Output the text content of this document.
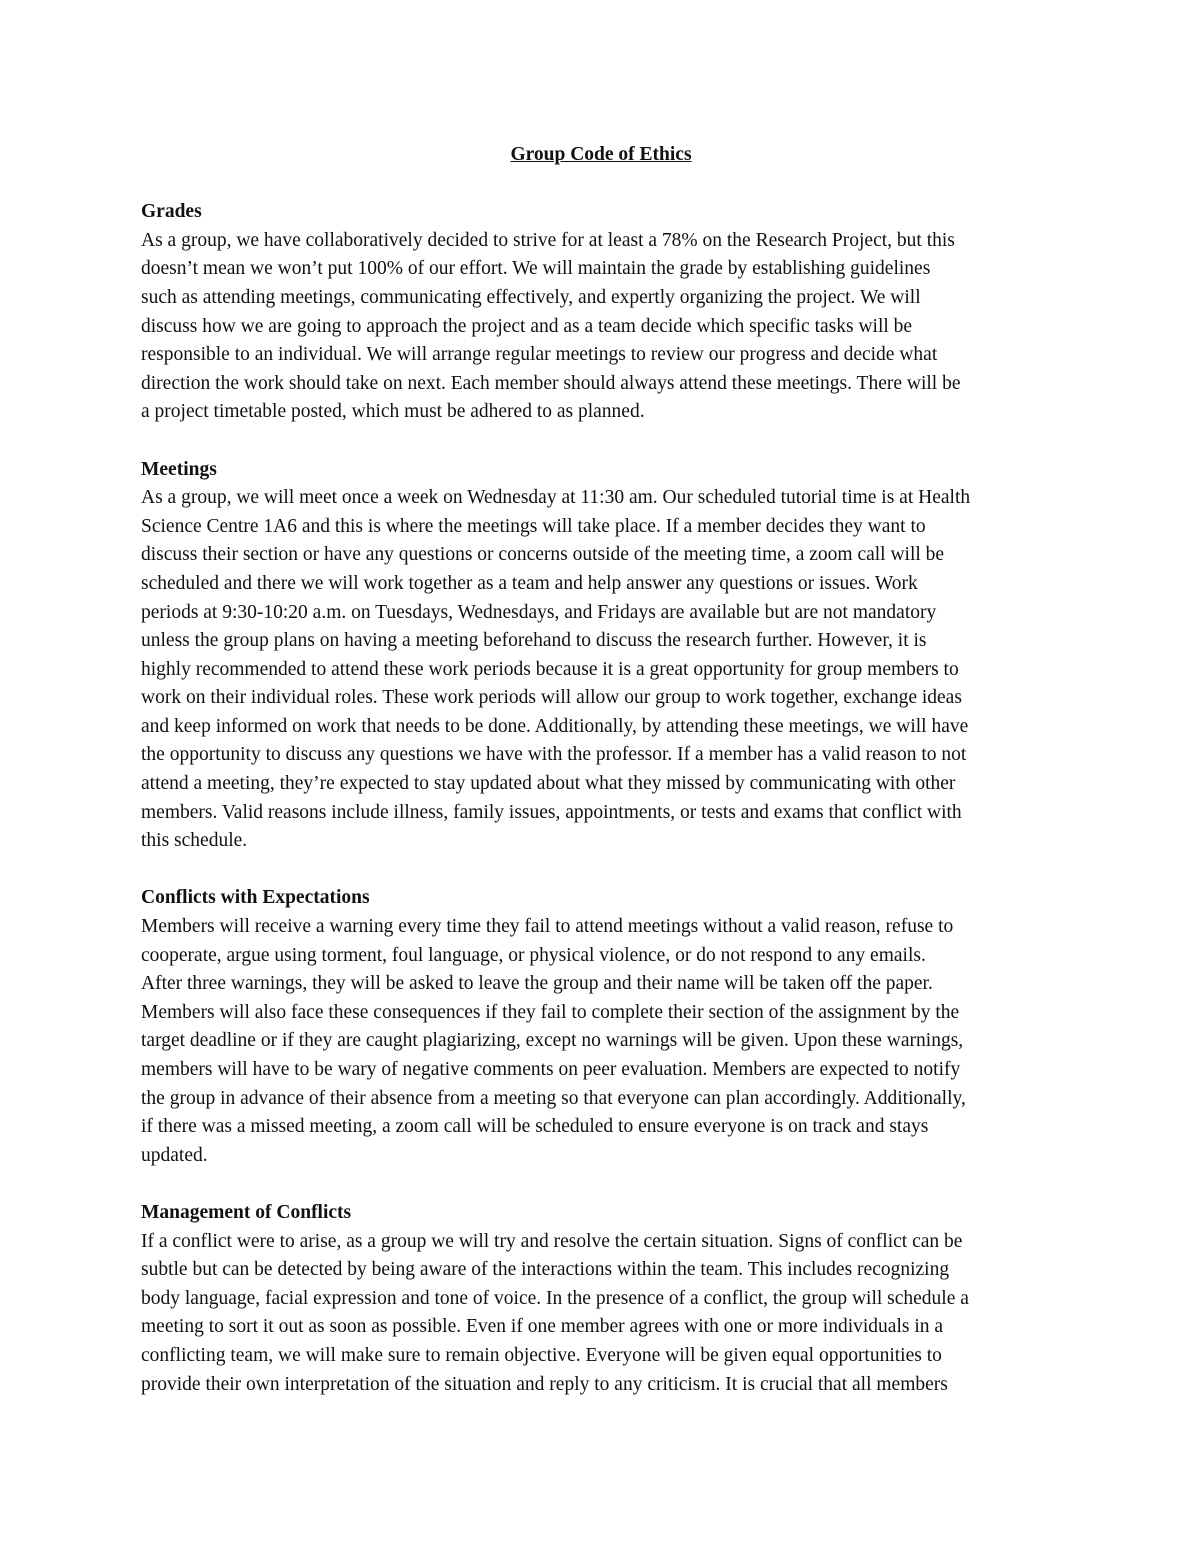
Group Code of Ethics
Grades
As a group, we have collaboratively decided to strive for at least a 78% on the Research Project, but this
doesn’t mean we won’t put 100% of our effort. We will maintain the grade by establishing guidelines
such as attending meetings, communicating effectively, and expertly organizing the project. We will
discuss how we are going to approach the project and as a team decide which specific tasks will be
responsible to an individual. We will arrange regular meetings to review our progress and decide what
direction the work should take on next. Each member should always attend these meetings. There will be
a project timetable posted, which must be adhered to as planned.
Meetings
As a group, we will meet once a week on Wednesday at 11:30 am. Our scheduled tutorial time is at Health
Science Centre 1A6 and this is where the meetings will take place. If a member decides they want to
discuss their section or have any questions or concerns outside of the meeting time, a zoom call will be
scheduled and there we will work together as a team and help answer any questions or issues. Work
periods at 9:30-10:20 a.m. on Tuesdays, Wednesdays, and Fridays are available but are not mandatory
unless the group plans on having a meeting beforehand to discuss the research further. However, it is
highly recommended to attend these work periods because it is a great opportunity for group members to
work on their individual roles. These work periods will allow our group to work together, exchange ideas
and keep informed on work that needs to be done. Additionally, by attending these meetings, we will have
the opportunity to discuss any questions we have with the professor. If a member has a valid reason to not
attend a meeting, they’re expected to stay updated about what they missed by communicating with other
members. Valid reasons include illness, family issues, appointments, or tests and exams that conflict with
this schedule.
Conflicts with Expectations
Members will receive a warning every time they fail to attend meetings without a valid reason, refuse to
cooperate, argue using torment, foul language, or physical violence, or do not respond to any emails.
After three warnings, they will be asked to leave the group and their name will be taken off the paper.
Members will also face these consequences if they fail to complete their section of the assignment by the
target deadline or if they are caught plagiarizing, except no warnings will be given. Upon these warnings,
members will have to be wary of negative comments on peer evaluation. Members are expected to notify
the group in advance of their absence from a meeting so that everyone can plan accordingly. Additionally,
if there was a missed meeting, a zoom call will be scheduled to ensure everyone is on track and stays
updated.
Management of Conflicts
If a conflict were to arise, as a group we will try and resolve the certain situation. Signs of conflict can be
subtle but can be detected by being aware of the interactions within the team. This includes recognizing
body language, facial expression and tone of voice. In the presence of a conflict, the group will schedule a
meeting to sort it out as soon as possible. Even if one member agrees with one or more individuals in a
conflicting team, we will make sure to remain objective. Everyone will be given equal opportunities to
provide their own interpretation of the situation and reply to any criticism. It is crucial that all members
